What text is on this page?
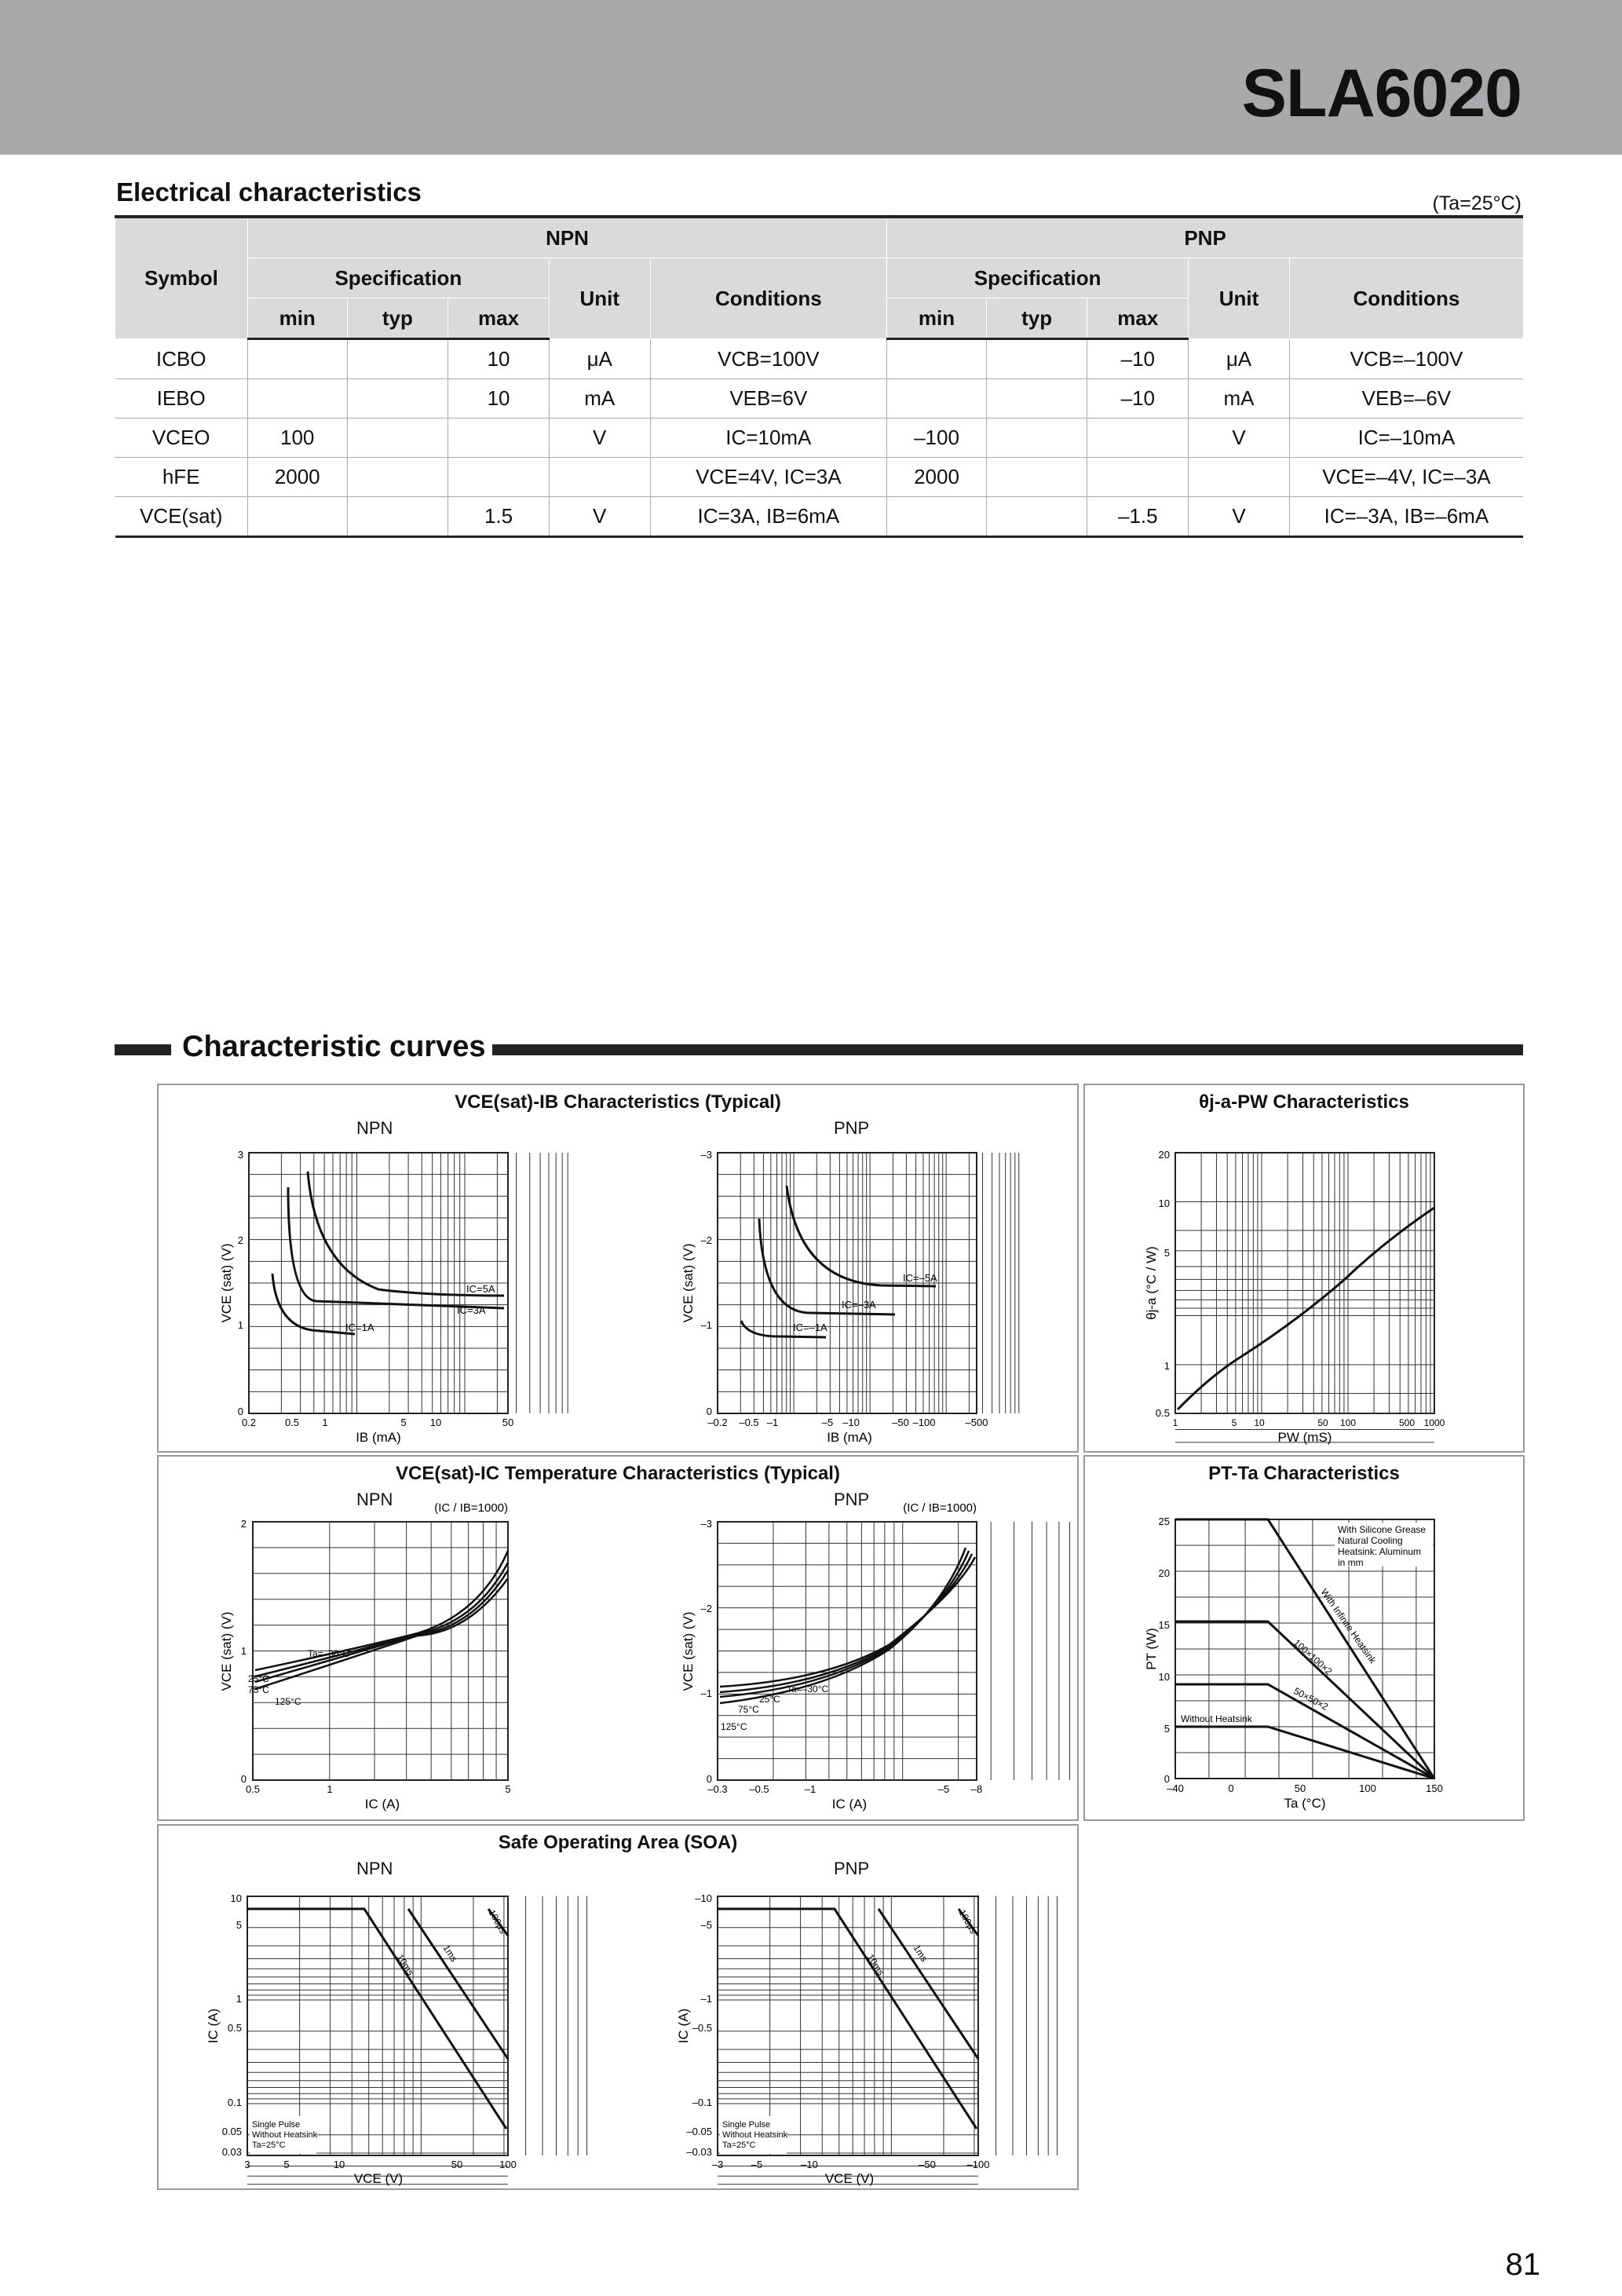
SLA6020
Electrical characteristics	(Ta=25°C)
Symbol	NPN					PNP				
	Specification			Unit	Conditions	Specification			Unit	Conditions
	min	typ	max			min	typ	max		
ICBO			10	μA	VCB=100V			–10	μA	VCB=–100V
IEBO			10	mA	VEB=6V			–10	mA	VEB=–6V
VCEO	100			V	IC=10mA	–100			V	IC=–10mA
hFE	2000				VCE=4V, IC=3A	2000				VCE=–4V, IC=–3A
VCE(sat)			1.5	V	IC=3A, IB=6mA			–1.5	V	IC=–3A, IB=–6mA
Characteristic curves
VCE(sat)-IB Characteristics (Typical)
NPN	PNP
IC=5A
IC=3A
IC=1A
3
2
1
0
0.2	0.5 1	5 10	50
IB (mA)
VCE (sat) (V)	IC=–5A
IC=–3A
IC=–1A
–3
–2
–1
0
–0.2 –0.5 –1	–5 –10	–50 –100	–500
IB (mA)
VCE (sat) (V)
θj-a-PW Characteristics
20
10
5
1
0.5
1	5 10	50 100	500 1000
PW (mS)
θj-a (°C / W)
VCE(sat)-IC Temperature Characteristics (Typical)
NPN	PNP
(IC / IB=1000)
Ta=–30°C
25°C
75°C
125°C
2
1
0
0.5	1	5
IC (A)
VCE (sat) (V)
(IC / IB=1000)
Ta=–30°C
25°C
75°C
125°C
–3
–2
–1
0
–0.3 –0.5	–1	–5 –8
IC (A)
VCE (sat) (V)
PT-Ta Characteristics
With Silicone Grease
Natural Cooling
Heatsink: Aluminum
in mm
With Infinite Heatsink
100×100×2
50×50×2
Without Heatsink
25
20
15
10
5
0
–40	0	50	100	150
Ta (°C)
PT (W)
Safe Operating Area (SOA)
NPN	PNP
100μs
1ms
10ms
Single Pulse
Without Heatsink
Ta=25°C
10
5
1
0.5
0.1
0.05
0.03
3	5	10	50	100
VCE (V)
IC (A)
100μs
1ms
10ms
Single Pulse
Without Heatsink
Ta=25°C
–10
–5
–1
–0.5
–0.1
–0.05
–0.03
–3	–5	–10	–50	–100
VCE (V)
IC (A)
81
